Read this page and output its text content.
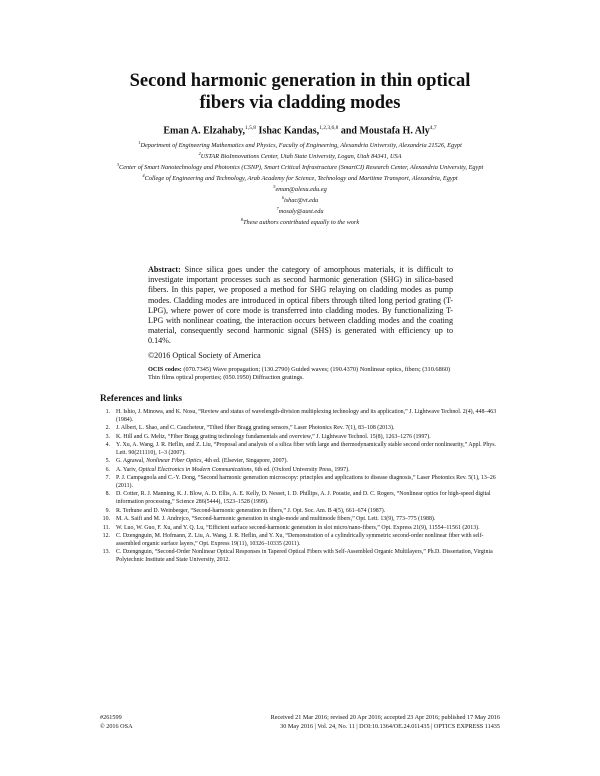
Second harmonic generation in thin optical
fibers via cladding modes
Eman A. Elzahaby,$^{1,5,8}$ Ishac Kandas,$^{1,2,3,6,8}$ and Moustafa H. Aly$^{4,7}$
$^1$Department of Engineering Mathematics and Physics, Faculty of Engineering, Alexandria University, Alexandria 21526, Egypt
$^2$USTAR BioInnovations Center, Utah State University, Logan, Utah 84341, USA
$^3$Center of Smart Nanotechnology and Photonics (CSNP), Smart Critical Infrastructure (SmartCI) Research Center, Alexandria University, Egypt
$^4$College of Engineering and Technology, Arab Academy for Science, Technology and Maritime Transport, Alexandria, Egypt
$^5$eman@alexu.edu.eg
$^6$ishac@vt.edu
$^7$mosaly@aast.edu
$^8$These authors contributed equally to the work
Abstract: Since silica goes under the category of amorphous materials, it is difficult to investigate important processes such as second harmonic generation (SHG) in silica-based fibers. In this paper, we proposed a method for SHG relaying on cladding modes as pump modes. Cladding modes are introduced in optical fibers through tilted long period grating (T-LPG), where power of core mode is transferred into cladding modes. By functionalizing T-LPG with nonlinear coating, the interaction occurs between cladding modes and the coating material, consequently second harmonic signal (SHS) is generated with efficiency up to 0.14%.
©2016 Optical Society of America
OCIS codes: (070.7345) Wave propagation; (130.2790) Guided waves; (190.4370) Nonlinear optics, fibers; (310.6860) Thin films optical properties; (050.1950) Diffraction gratings.
References and links
1. H. Ishio, J. Minowa, and K. Nosu, “Review and status of wavelength-division multiplexing technology and its application,” J. Lightwave Technol. 2(4), 448–463 (1984).
2. J. Albert, L. Shao, and C. Caucheteur, “Tilted fiber Bragg grating sensors,” Laser Photonics Rev. 7(1), 83–108 (2013).
3. K. Hill and G. Meltz, “Fiber Bragg grating technology fundamentals and overview,” J. Lightwave Technol. 15(8), 1263–1276 (1997).
4. Y. Xu, A. Wang, J. R. Heflin, and Z. Liu, “Proposal and analysis of a silica fiber with large and thermodynamically stable second order nonlinearity,” Appl. Phys. Lett. 90(211110), 1–3 (2007).
5. G. Agrawal, Nonlinear Fiber Optics, 4th ed. (Elsevier, Singapore, 2007).
6. A. Yariv, Optical Electronics in Modern Communications, 6th ed. (Oxford University Press, 1997).
7. P. J. Campagnola and C.-Y. Dong, “Second harmonic generation microscopy: principles and applications to disease diagnosis,” Laser Photonics Rev. 5(1), 13–26 (2011).
8. D. Cotter, R. J. Manning, K. J. Blow, A. D. Ellis, A. E. Kelly, D. Nesset, I. D. Phillips, A. J. Poustie, and D. C. Rogers, “Nonlinear optics for high-speed digital information processing,” Science 286(5444), 1523–1528 (1999).
9. R. Terhune and D. Weinberger, “Second-harmonic generation in fibers,” J. Opt. Soc. Am. B 4(5), 661–674 (1987).
10. M. A. Saifi and M. J. Andrejco, “Second-harmonic generation in single-mode and multimode fibers,” Opt. Lett. 13(9), 773–775 (1988).
11. W. Luo, W. Guo, F. Xu, and Y. Q. Lu, “Efficient surface second-harmonic generation in slot micro/nano-fibers,” Opt. Express 21(9), 11554–11561 (2013).
12. C. Dzengnguin, M. Hofmann, Z. Liu, A. Wang, J. R. Heflin, and Y. Xu, “Demonstration of a cylindrically symmetric second-order nonlinear fiber with self-assembled organic surface layers,” Opt. Express 19(11), 10326–10335 (2011).
13. C. Dzengnguin, “Second-Order Nonlinear Optical Responses in Tapered Optical Fibers with Self-Assembled Organic Multilayers,” Ph.D. Dissertation, Virginia Polytechnic Institute and State University, 2012.
#261599
© 2016 OSA
Received 21 Mar 2016; revised 20 Apr 2016; accepted 23 Apr 2016; published 17 May 2016
30 May 2016 | Vol. 24, No. 11 | DOI:10.1364/OE.24.011435 | OPTICS EXPRESS 11435
